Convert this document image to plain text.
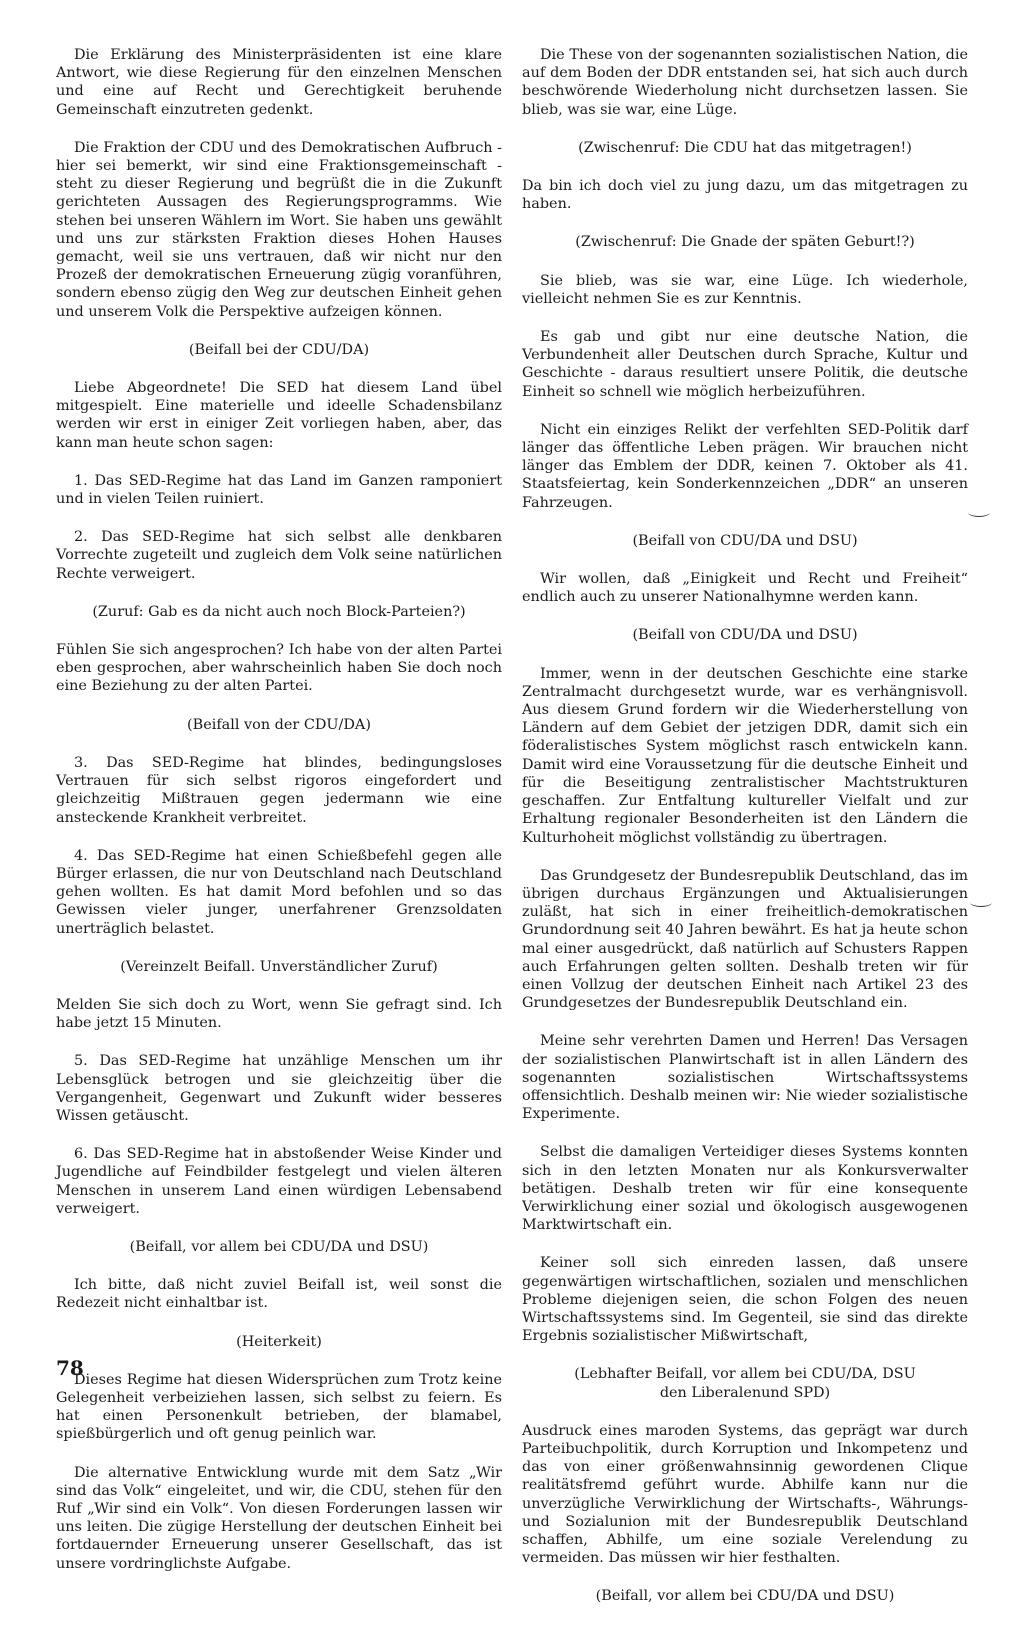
Die Erklärung des Ministerpräsidenten ist eine klare Antwort, wie diese Regierung für den einzelnen Menschen und eine auf Recht und Gerechtigkeit beruhende Gemeinschaft einzutreten gedenkt.

Die Fraktion der CDU und des Demokratischen Aufbruch - hier sei bemerkt, wir sind eine Fraktionsgemeinschaft - steht zu dieser Regierung und begrüßt die in die Zukunft gerichteten Aussagen des Regierungsprogramms. Wie stehen bei unseren Wählern im Wort. Sie haben uns gewählt und uns zur stärksten Fraktion dieses Hohen Hauses gemacht, weil sie uns vertrauen, daß wir nicht nur den Prozeß der demokratischen Erneuerung zügig voranführen, sondern ebenso zügig den Weg zur deutschen Einheit gehen und unserem Volk die Perspektive aufzeigen können.

(Beifall bei der CDU/DA)

Liebe Abgeordnete! Die SED hat diesem Land übel mitgespielt. Eine materielle und ideelle Schadensbilanz werden wir erst in einiger Zeit vorliegen haben, aber, das kann man heute schon sagen:

1. Das SED-Regime hat das Land im Ganzen ramponiert und in vielen Teilen ruiniert.

2. Das SED-Regime hat sich selbst alle denkbaren Vorrechte zugeteilt und zugleich dem Volk seine natürlichen Rechte verweigert.

(Zuruf: Gab es da nicht auch noch Block-Parteien?)

Fühlen Sie sich angesprochen? Ich habe von der alten Partei eben gesprochen, aber wahrscheinlich haben Sie doch noch eine Beziehung zu der alten Partei.

(Beifall von der CDU/DA)

3. Das SED-Regime hat blindes, bedingungsloses Vertrauen für sich selbst rigoros eingefordert und gleichzeitig Mißtrauen gegen jedermann wie eine ansteckende Krankheit verbreitet.

4. Das SED-Regime hat einen Schießbefehl gegen alle Bürger erlassen, die nur von Deutschland nach Deutschland gehen wollten. Es hat damit Mord befohlen und so das Gewissen vieler junger, unerfahrener Grenzsoldaten unerträglich belastet.

(Vereinzelt Beifall. Unverständlicher Zuruf)

Melden Sie sich doch zu Wort, wenn Sie gefragt sind. Ich habe jetzt 15 Minuten.

5. Das SED-Regime hat unzählige Menschen um ihr Lebensglück betrogen und sie gleichzeitig über die Vergangenheit, Gegenwart und Zukunft wider besseres Wissen getäuscht.

6. Das SED-Regime hat in abstoßender Weise Kinder und Jugendliche auf Feindbilder festgelegt und vielen älteren Menschen in unserem Land einen würdigen Lebensabend verweigert.

(Beifall, vor allem bei CDU/DA und DSU)

Ich bitte, daß nicht zuviel Beifall ist, weil sonst die Redezeit nicht einhaltbar ist.

(Heiterkeit)

Dieses Regime hat diesen Widersprüchen zum Trotz keine Gelegenheit verbeiziehen lassen, sich selbst zu feiern. Es hat einen Personenkult betrieben, der blamabel, spießbürgerlich und oft genug peinlich war.

Die alternative Entwicklung wurde mit dem Satz „Wir sind das Volk“ eingeleitet, und wir, die CDU, stehen für den Ruf „Wir sind ein Volk“. Von diesen Forderungen lassen wir uns leiten. Die zügige Herstellung der deutschen Einheit bei fortdauernder Erneuerung unserer Gesellschaft, das ist unsere vordringlichste Aufgabe.

Die These von der sogenannten sozialistischen Nation, die auf dem Boden der DDR entstanden sei, hat sich auch durch beschwörende Wiederholung nicht durchsetzen lassen. Sie blieb, was sie war, eine Lüge.

(Zwischenruf: Die CDU hat das mitgetragen!)

Da bin ich doch viel zu jung dazu, um das mitgetragen zu haben.

(Zwischenruf: Die Gnade der späten Geburt!?)

Sie blieb, was sie war, eine Lüge. Ich wiederhole, vielleicht nehmen Sie es zur Kenntnis.

Es gab und gibt nur eine deutsche Nation, die Verbundenheit aller Deutschen durch Sprache, Kultur und Geschichte - daraus resultiert unsere Politik, die deutsche Einheit so schnell wie möglich herbeizuführen.

Nicht ein einziges Relikt der verfehlten SED-Politik darf länger das öffentliche Leben prägen. Wir brauchen nicht länger das Emblem der DDR, keinen 7. Oktober als 41. Staatsfeiertag, kein Sonderkennzeichen „DDR“ an unseren Fahrzeugen.

(Beifall von CDU/DA und DSU)

Wir wollen, daß „Einigkeit und Recht und Freiheit“ endlich auch zu unserer Nationalhymne werden kann.

(Beifall von CDU/DA und DSU)

Immer, wenn in der deutschen Geschichte eine starke Zentralmacht durchgesetzt wurde, war es verhängnisvoll. Aus diesem Grund fordern wir die Wiederherstellung von Ländern auf dem Gebiet der jetzigen DDR, damit sich ein föderalistisches System möglichst rasch entwickeln kann. Damit wird eine Voraussetzung für die deutsche Einheit und für die Beseitigung zentralistischer Machtstrukturen geschaffen. Zur Entfaltung kultureller Vielfalt und zur Erhaltung regionaler Besonderheiten ist den Ländern die Kulturhoheit möglichst vollständig zu übertragen.

Das Grundgesetz der Bundesrepublik Deutschland, das im übrigen durchaus Ergänzungen und Aktualisierungen zuläßt, hat sich in einer freiheitlich-demokratischen Grundordnung seit 40 Jahren bewährt. Es hat ja heute schon mal einer ausgedrückt, daß natürlich auf Schusters Rappen auch Erfahrungen gelten sollten. Deshalb treten wir für einen Vollzug der deutschen Einheit nach Artikel 23 des Grundgesetzes der Bundesrepublik Deutschland ein.

Meine sehr verehrten Damen und Herren! Das Versagen der sozialistischen Planwirtschaft ist in allen Ländern des sogenannten sozialistischen Wirtschaftssystems offensichtlich. Deshalb meinen wir: Nie wieder sozialistische Experimente.

Selbst die damaligen Verteidiger dieses Systems konnten sich in den letzten Monaten nur als Konkursverwalter betätigen. Deshalb treten wir für eine konsequente Verwirklichung einer sozial und ökologisch ausgewogenen Marktwirtschaft ein.

Keiner soll sich einreden lassen, daß unsere gegenwärtigen wirtschaftlichen, sozialen und menschlichen Probleme diejenigen seien, die schon Folgen des neuen Wirtschaftssystems sind. Im Gegenteil, sie sind das direkte Ergebnis sozialistischer Mißwirtschaft,

(Lebhafter Beifall, vor allem bei CDU/DA, DSU
den Liberalenund SPD)

Ausdruck eines maroden Systems, das geprägt war durch Parteibuchpolitik, durch Korruption und Inkompetenz und das von einer größenwahnsinnig gewordenen Clique realitätsfremd geführt wurde. Abhilfe kann nur die unverzügliche Verwirklichung der Wirtschafts-, Währungs- und Sozialunion mit der Bundesrepublik Deutschland schaffen, Abhilfe, um eine soziale Verelendung zu vermeiden. Das müssen wir hier festhalten.

(Beifall, vor allem bei CDU/DA und DSU)

78
